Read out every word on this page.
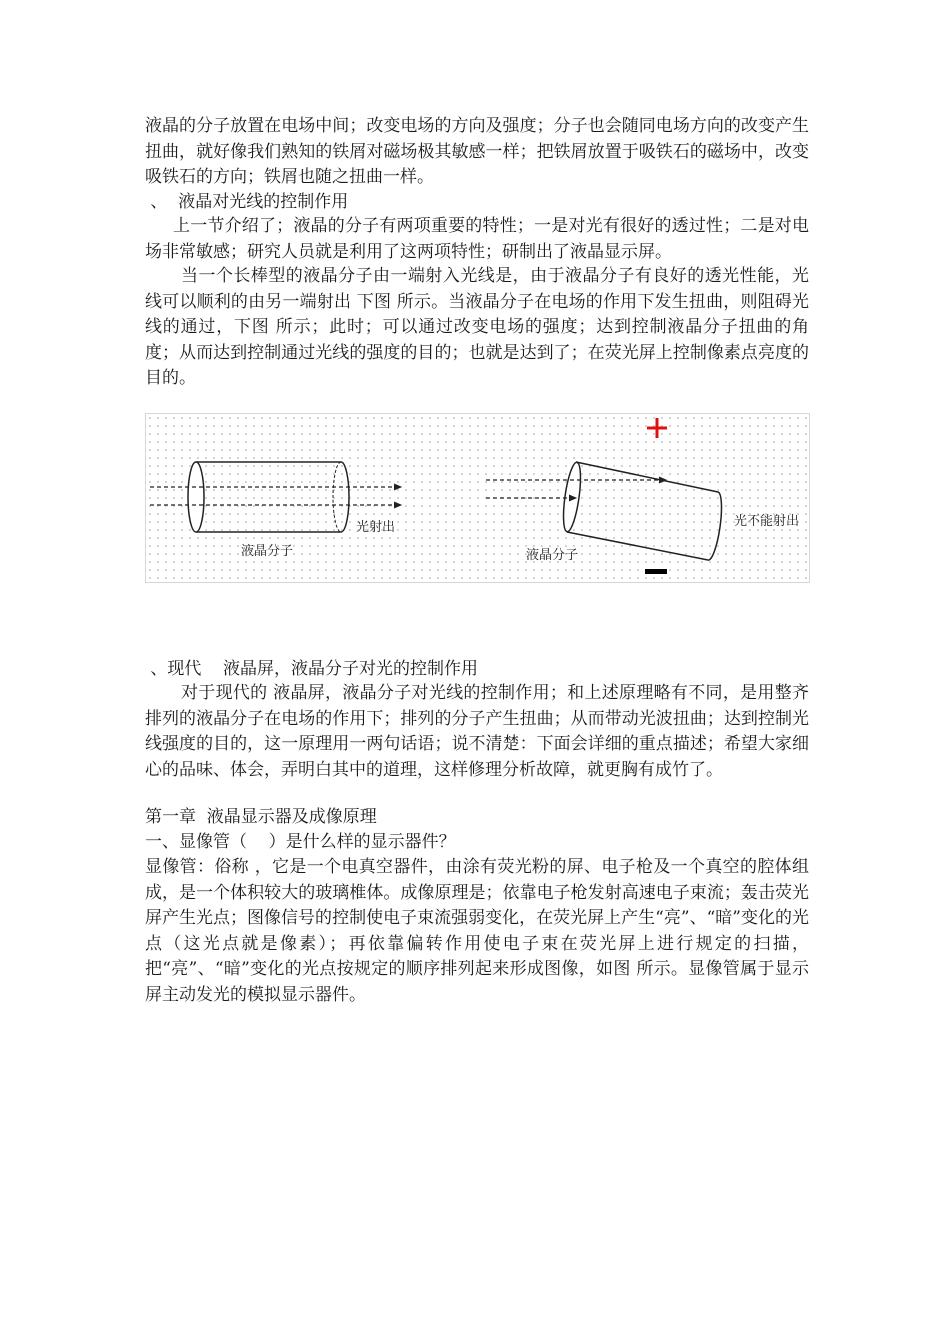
液晶的分子放置在电场中间；改变电场的方向及强度；分子也会随同电场方向的改变产生扭曲，就好像我们熟知的铁屑对磁场极其敏感一样；把铁屑放置于吸铁石的磁场中，改变吸铁石的方向；铁屑也随之扭曲一样。

、  液晶对光线的控制作用

上一节介绍了；液晶的分子有两项重要的特性；一是对光有很好的透过性；二是对电场非常敏感；研究人员就是利用了这两项特性；研制出了液晶显示屏。

当一个长棒型的液晶分子由一端射入光线是，由于液晶分子有良好的透光性能，光线可以顺利的由另一端射出 下图 所示。当液晶分子在电场的作用下发生扭曲，则阻碍光线的通过，下图 所示；此时；可以通过改变电场的强度；达到控制液晶分子扭曲的角度；从而达到控制通过光线的强度的目的；也就是达到了；在荧光屏上控制像素点亮度的目的。

光射出
液晶分子	液晶分子
光不能射出

、现代    液晶屏，液晶分子对光的控制作用

对于现代的 液晶屏，液晶分子对光线的控制作用；和上述原理略有不同，是用整齐排列的液晶分子在电场的作用下；排列的分子产生扭曲；从而带动光波扭曲；达到控制光线强度的目的，这一原理用一两句话语；说不清楚：下面会详细的重点描述；希望大家细心的品味、体会，弄明白其中的道理，这样修理分析故障，就更胸有成竹了。

第一章  液晶显示器及成像原理

一、显像管（    ）是什么样的显示器件？

显像管：俗称 ，它是一个电真空器件，由涂有荧光粉的屏、电子枪及一个真空的腔体组成，是一个体积较大的玻璃椎体。成像原理是；依靠电子枪发射高速电子束流；轰击荧光屏产生光点；图像信号的控制使电子束流强弱变化，在荧光屏上产生“亮”、“暗”变化的光点（这光点就是像素）；再依靠偏转作用使电子束在荧光屏上进行规定的扫描，把“亮”、“暗”变化的光点按规定的顺序排列起来形成图像，如图 所示。显像管属于显示屏主动发光的模拟显示器件。
